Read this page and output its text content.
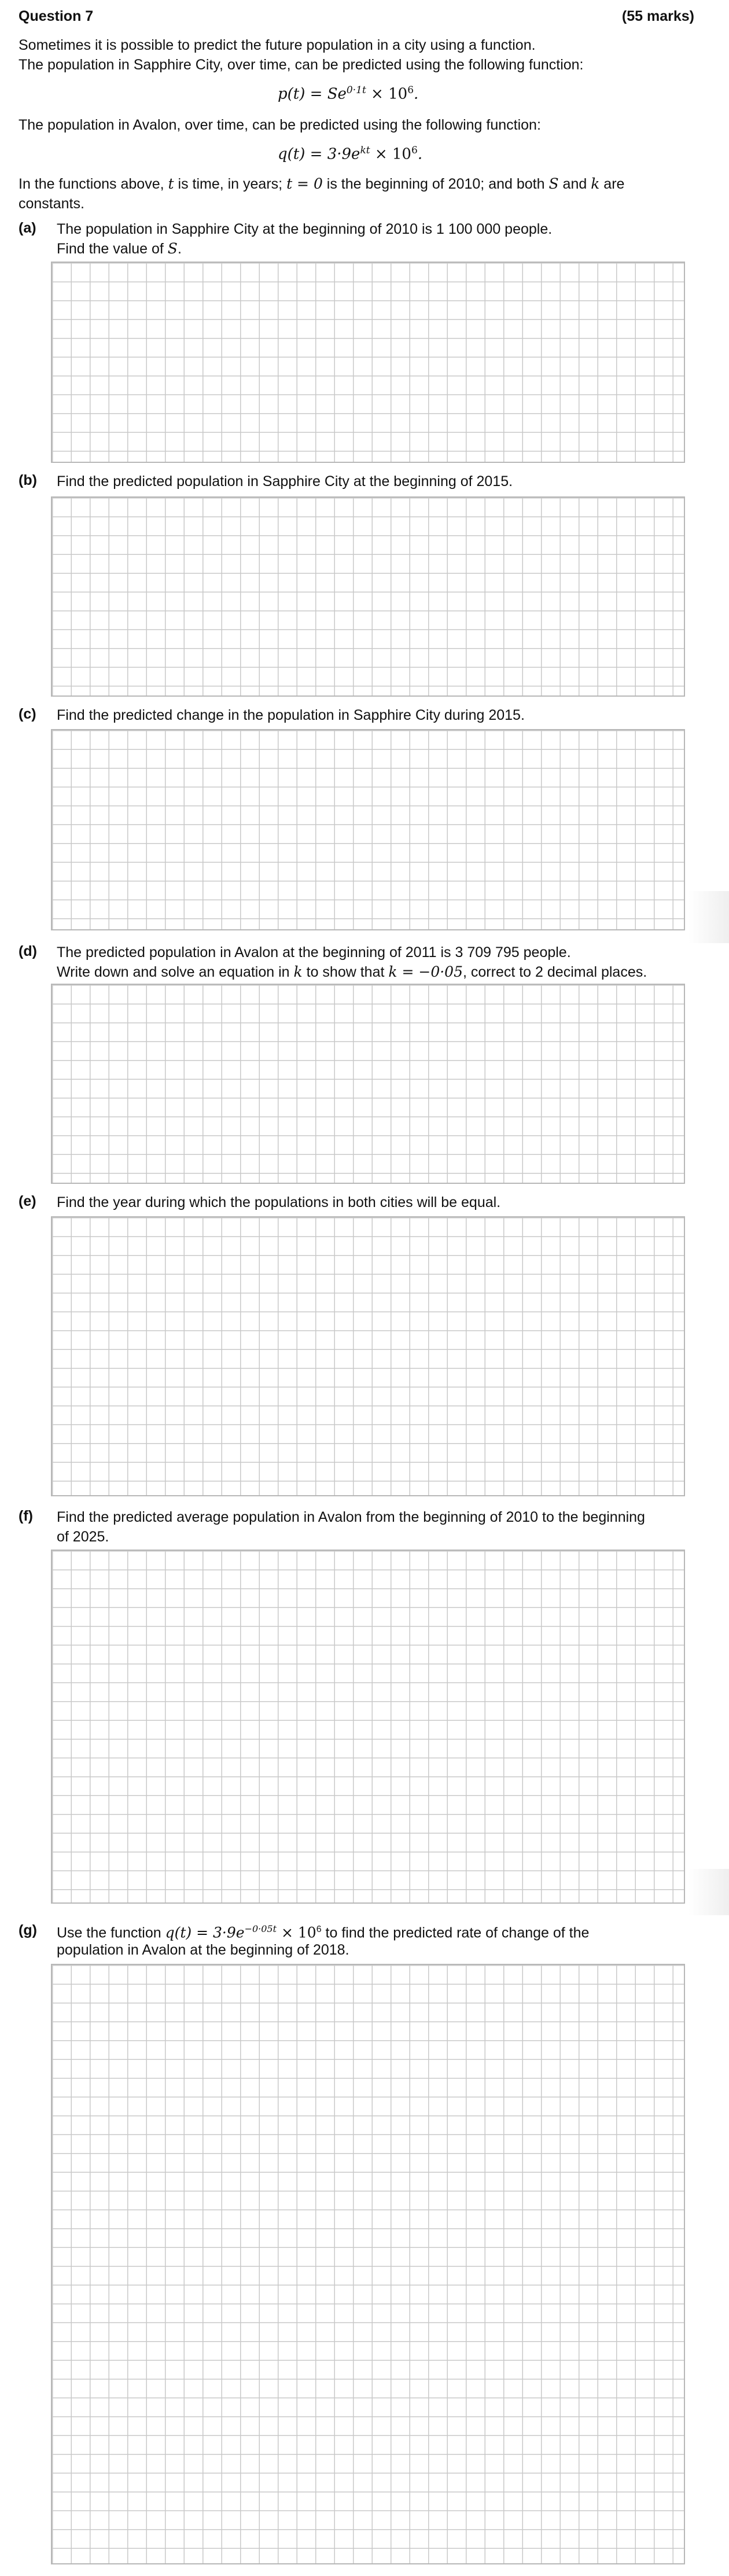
Question 7	(55 marks)
Sometimes it is possible to predict the future population in a city using a function.
The population in Sapphire City, over time, can be predicted using the following function:
$p(t) = Se^{0\cdot 1t} \times 10^6$.
The population in Avalon, over time, can be predicted using the following function:
$q(t) = 3\cdot 9e^{kt} \times 10^6$.
In the functions above, t is time, in years; t = 0 is the beginning of 2010; and both S and k are
constants.
(a) The population in Sapphire City at the beginning of 2010 is 1 100 000 people.
Find the value of S.
(b) Find the predicted population in Sapphire City at the beginning of 2015.
(c) Find the predicted change in the population in Sapphire City during 2015.
(d) The predicted population in Avalon at the beginning of 2011 is 3 709 795 people.
Write down and solve an equation in k to show that k = −0·05, correct to 2 decimal places.
(e) Find the year during which the populations in both cities will be equal.
(f) Find the predicted average population in Avalon from the beginning of 2010 to the beginning
of 2025.
(g) Use the function $q(t) = 3\cdot 9e^{-0\cdot 05t} \times 10^6$ to find the predicted rate of change of the
population in Avalon at the beginning of 2018.
